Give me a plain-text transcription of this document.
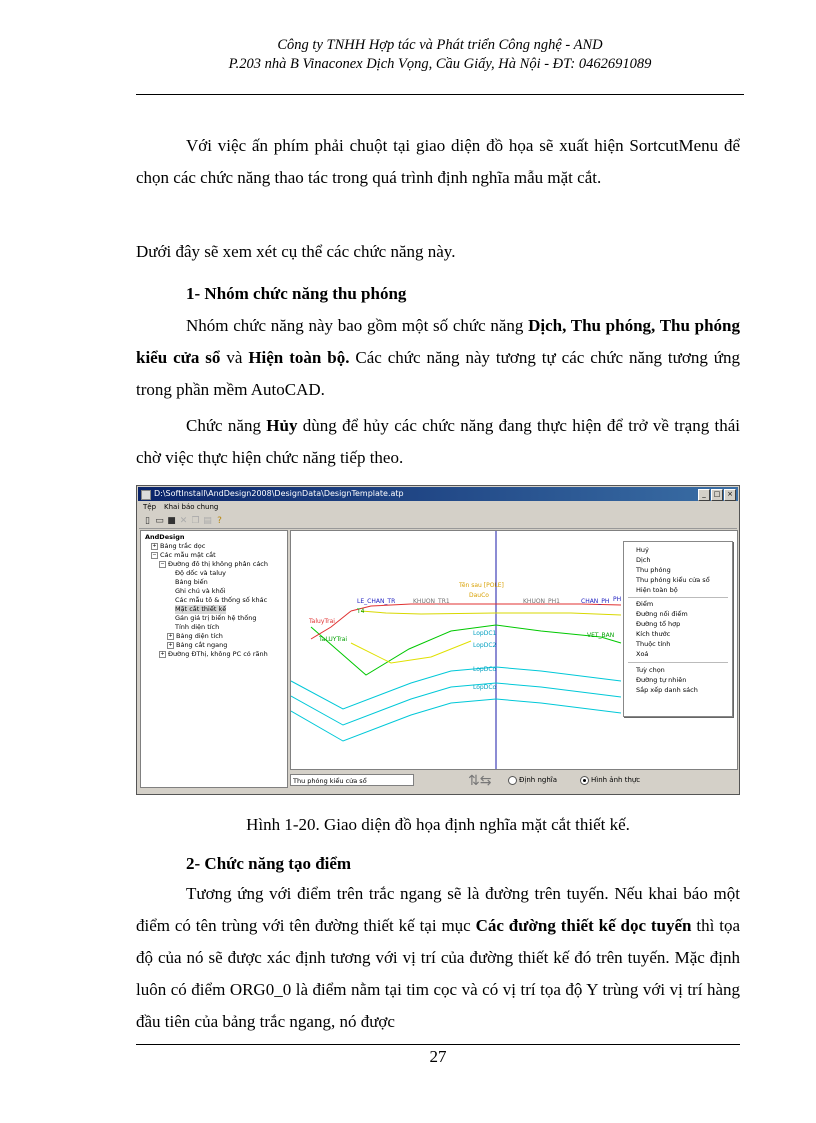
Công ty TNHH Hợp tác và Phát triển Công nghệ - AND
P.203 nhà B Vinaconex Dịch Vọng, Cầu Giấy, Hà Nội - ĐT: 0462691089
Với việc ấn phím phải chuột tại giao diện đồ họa sẽ xuất hiện SortcutMenu để chọn các chức năng thao tác trong quá trình định nghĩa mẫu mặt cắt.
Dưới đây sẽ xem xét cụ thể các chức năng này.
1- Nhóm chức năng thu phóng
Nhóm chức năng này bao gồm một số chức năng Dịch, Thu phóng, Thu phóng kiểu cửa sổ và Hiện toàn bộ. Các chức năng này tương tự các chức năng tương ứng trong phần mềm AutoCAD.
Chức năng Hủy dùng để hủy các chức năng đang thực hiện để trở về trạng thái chờ việc thực hiện chức năng tiếp theo.
D:\SoftInstall\AndDesign2008\DesignData\DesignTemplate.atp	_	□ ×
Tệp Khai báo chung
▯ ▭ ■ ✕ ❐ ▤ ?
AndDesign
+ Bảng trắc dọc
− Các mẫu mặt cắt
− Đường đô thị không phân cách
Độ dốc và taluy
Bảng biến
Ghi chú và khối
Các mẫu tô & thống số khác
Mặt cắt thiết kế
Gán giá trị biến hệ thống
Tính diện tích
+ Bảng diện tích
+ Bảng cắt ngang
+ Đường ĐThị, không PC có rãnh
Tên sau [POLE]
DauCo
LE_CHAN_TR	KHUON_TR1	KHUON_PH1	CHAN_PH PH
TaluyTrai
T4
TaLUYTrai
LopDC1
LopDC2
LopDCo
LopDCo
VET_BAN
Huỷ
Dịch
Thu phóng
Thu phóng kiểu cửa sổ
Hiện toàn bộ
Điểm
Đường nối điểm
Đường tổ hợp
Kích thước
Thuộc tính
Xoá
Tuỳ chọn
Đường tự nhiên
Sắp xếp danh sách
Thu phóng kiểu cửa sổ	⇅⇆	Định nghĩa	Hình ảnh thực
Hình 1-20. Giao diện đồ họa định nghĩa mặt cắt thiết kế.
2- Chức năng tạo điểm
Tương ứng với điểm trên trắc ngang sẽ là đường trên tuyến. Nếu khai báo một điểm có tên trùng với tên đường thiết kế tại mục Các đường thiết kế dọc tuyến thì tọa độ của nó sẽ được xác định tương với vị trí của đường thiết kế đó trên tuyến. Mặc định luôn có điểm ORG0_0 là điểm nằm tại tim cọc và có vị trí tọa độ Y trùng với vị trí hàng đầu tiên của bảng trắc ngang, nó được
27
